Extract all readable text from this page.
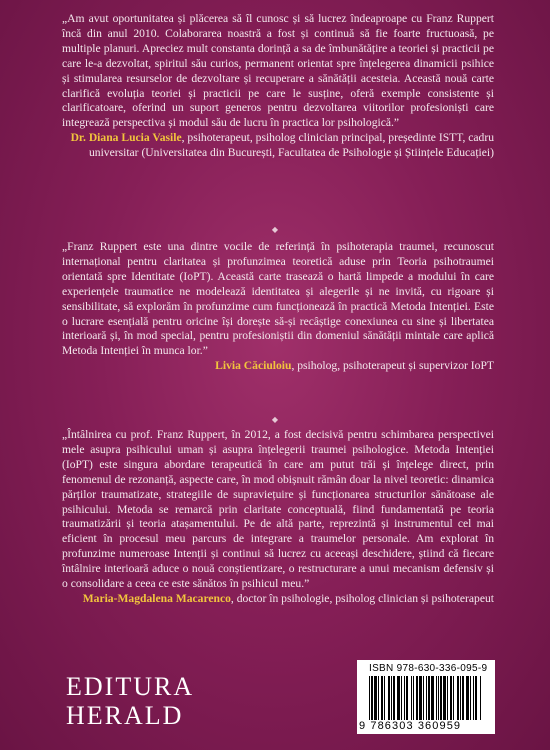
„Am avut oportunitatea și plăcerea să îl cunosc și să lucrez îndeaproape cu Franz Ruppert încă din anul 2010. Colaborarea noastră a fost și continuă să fie foarte fructuoasă, pe multiple planuri. Apreciez mult constanta dorință a sa de îmbunătățire a teoriei și practicii pe care le-a dezvoltat, spiritul său curios, permanent orientat spre înțelegerea dinamicii psihice și stimularea resurselor de dezvoltare și recuperare a sănătății acesteia. Această nouă carte clarifică evoluția teoriei și practicii pe care le susține, oferă exemple consistente și clarificatoare, oferind un suport generos pentru dezvoltarea viitorilor profesioniști care integrează perspectiva și modul său de lucru în practica lor psihologică.”

Dr. Diana Lucia Vasile, psihoterapeut, psiholog clinician principal, președinte ISTT, cadru universitar (Universitatea din București, Facultatea de Psihologie și Științele Educației)

◆

„Franz Ruppert este una dintre vocile de referință în psihoterapia traumei, recunoscut internațional pentru claritatea și profunzimea teoretică aduse prin Teoria psihotraumei orientată spre Identitate (IoPT). Această carte trasează o hartă limpede a modului în care experiențele traumatice ne modelează identitatea și alegerile și ne invită, cu rigoare și sensibilitate, să explorăm în profunzime cum funcționează în practică Metoda Intenției. Este o lucrare esențială pentru oricine își dorește să-și recâștige conexiunea cu sine și libertatea interioară și, în mod special, pentru profesioniștii din domeniul sănătății mintale care aplică Metoda Intenției în munca lor.”

Livia Căciuloiu, psiholog, psihoterapeut și supervizor IoPT

◆

„Întâlnirea cu prof. Franz Ruppert, în 2012, a fost decisivă pentru schimbarea perspectivei mele asupra psihicului uman și asupra înțelegerii traumei psihologice. Metoda Intenției (IoPT) este singura abordare terapeutică în care am putut trăi și înțelege direct, prin fenomenul de rezonanță, aspecte care, în mod obișnuit rămân doar la nivel teoretic: dinamica părților traumatizate, strategiile de supraviețuire și funcționarea structurilor sănătoase ale psihicului. Metoda se remarcă prin claritate conceptuală, fiind fundamentată pe teoria traumatizării și teoria atașamentului. Pe de altă parte, reprezintă și instrumentul cel mai eficient în procesul meu parcurs de integrare a traumelor personale. Am explorat în profunzime numeroase Intenții și continui să lucrez cu aceeași deschidere, știind că fiecare întâlnire interioară aduce o nouă conștientizare, o restructurare a unui mecanism defensiv și o consolidare a ceea ce este sănătos în psihicul meu.”

Maria-Magdalena Macarenco, doctor în psihologie, psiholog clinician și psihoterapeut

EDITURA
HERALD
ISBN 978-630-336-095-9
9 786303 360959
